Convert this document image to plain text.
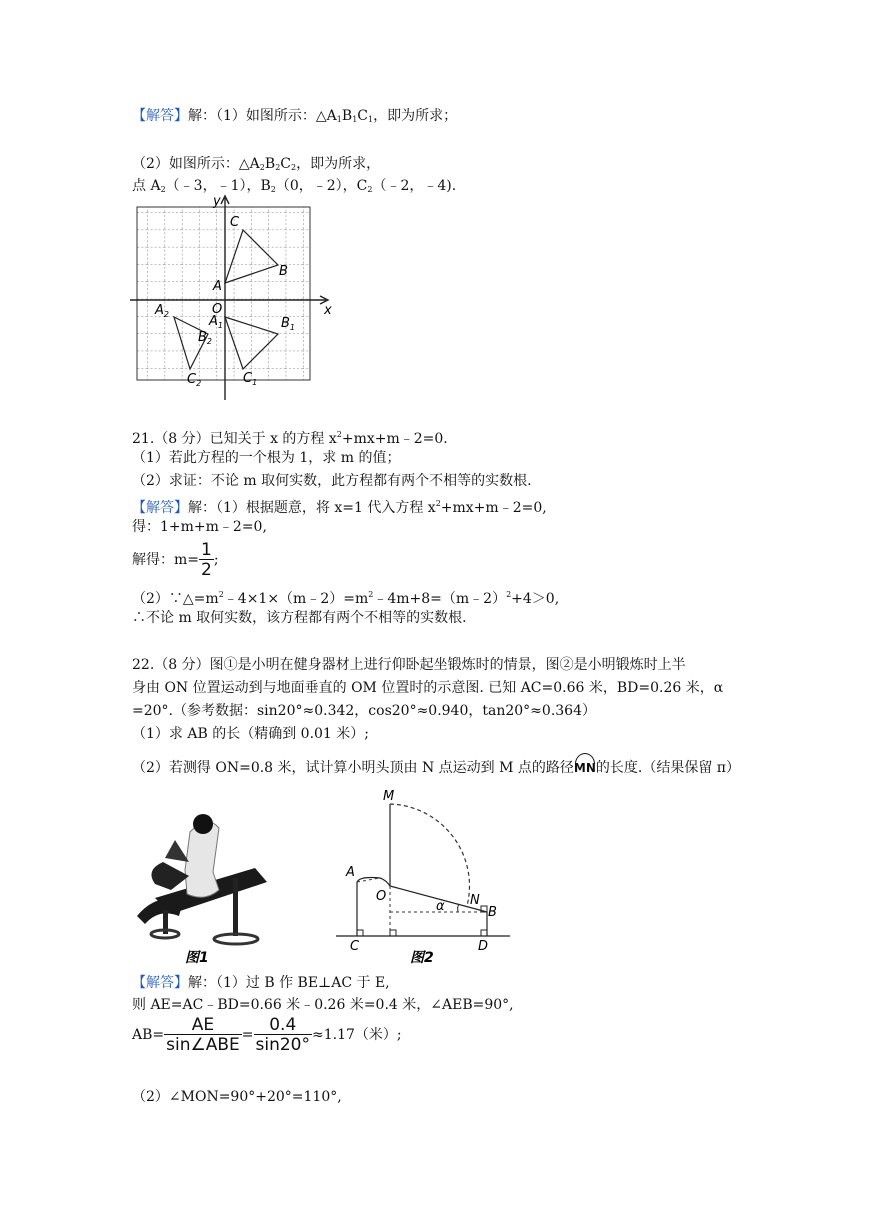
【解答】解：（1）如图所示：$\triangle A_1B_1C_1$，即为所求；
（2）如图所示：$\triangle A_2B_2C_2$，即为所求，
点 $A_2(﹣3$，﹣1），$B_2(0$，﹣2），$C_2(﹣2$，﹣4).
x
y
O
C
A
B
$A_1$	$B_1$
$C_1$
$A_2$
$B_2$
$C_2$
21.（8 分）已知关于 x 的方程 $x^2+mx+m﹣2=0$.
（1）若此方程的一个根为 1，求 m 的值；
（2）求证：不论 m 取何实数，此方程都有两个不相等的实数根.
【解答】解：（1）根据题意，将 x=1 代入方程 $x^2+mx+m﹣2=0$,
得：1+m+m﹣2=0,
解得：$m= \frac{1}{2}$ ;
$(2)\because\triangle=m^2﹣4\times 1\times(m﹣2)=m^2﹣4m+8=(m﹣2)^2+4>0$,
∴不论 m 取何实数，该方程都有两个不相等的实数根.
22.（8 分）图①是小明在健身器材上进行仰卧起坐锻炼时的情景，图②是小明锻炼时上半
身由 ON 位置运动到与地面垂直的 OM 位置时的示意图. 已知 AC=0.66 米，BD=0.26 米，α
=20°.（参考数据：sin20°≈0.342，cos20°≈0.940，tan20°≈0.364）
（1）求 AB 的长（精确到 0.01 米）;
（2）若测得 ON=0.8 米，试计算小明头顶由 N 点运动到 M 点的路径MN的长度.（结果保留 π）
图1
M
A
O	N
B
C	D
α
图2
【解答】解：（1）过 B 作 BE⊥AC 于 E,
则 AE=AC﹣BD=0.66 米﹣0.26 米=0.4 米，∠AEB=90°,
$AB= \frac{AE}{\text{sin∠ABE}} = \frac{0.4}{\sin 20^\circ} \approx 1.17$（米）;
（2）∠MON=90°+20°=110°,
